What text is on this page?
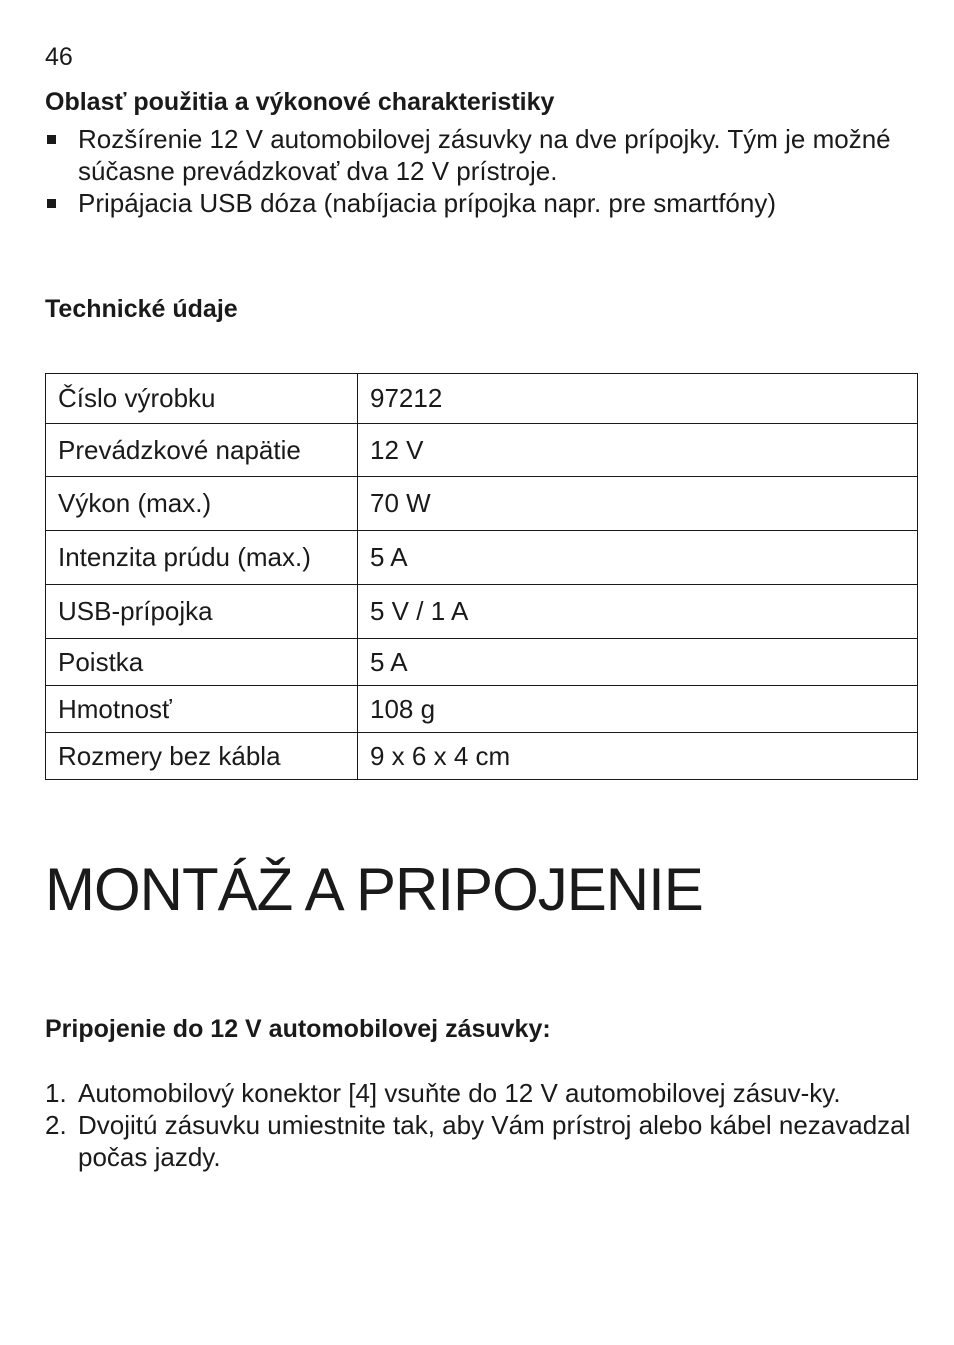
46
Oblasť použitia a výkonové charakteristiky
Rozšírenie 12 V automobilovej zásuvky na dve prípojky. Tým je možné súčasne prevádzkovať dva 12 V prístroje.
Pripájacia USB dóza (nabíjacia prípojka napr. pre smartfóny)
Technické údaje
Číslo výrobku	97212
Prevádzkové napätie	12 V
Výkon (max.)	70 W
Intenzita prúdu (max.)	5 A
USB-prípojka	5 V / 1 A
Poistka	5 A
Hmotnosť	108 g
Rozmery bez kábla	9 x 6 x 4 cm
MONTÁŽ A PRIPOJENIE
Pripojenie do 12 V automobilovej zásuvky:
1. Automobilový konektor [4] vsuňte do 12 V automobilovej zásuv-ky.
2. Dvojitú zásuvku umiestnite tak, aby Vám prístroj alebo kábel nezavadzal počas jazdy.
